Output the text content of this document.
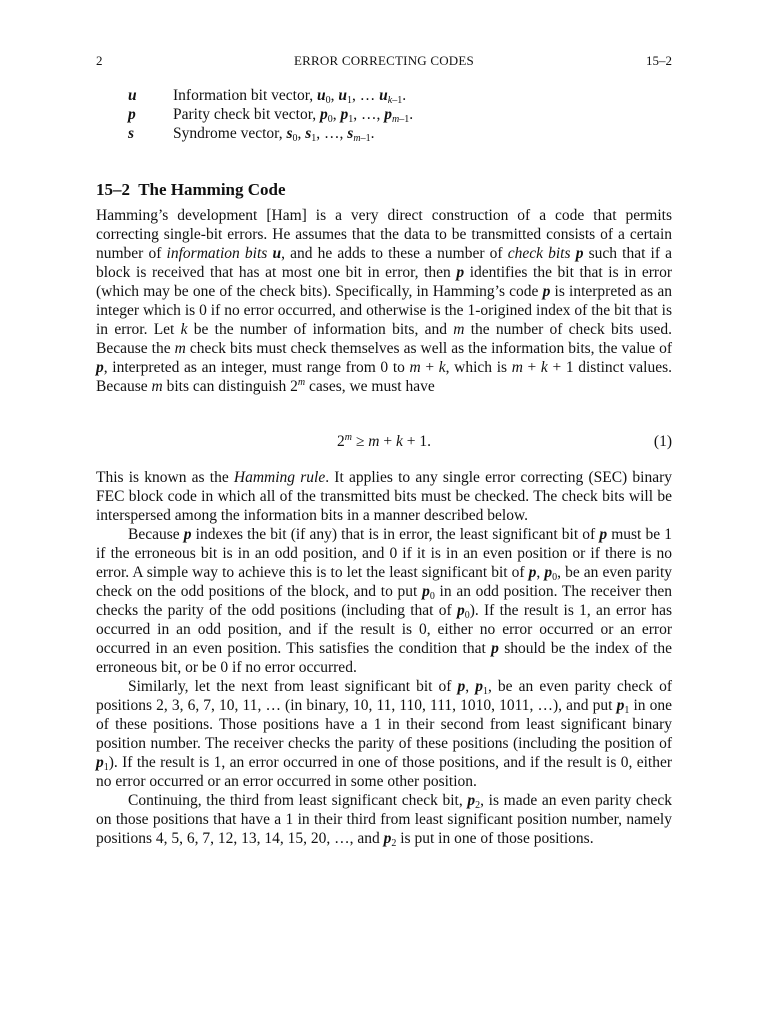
2	ERROR CORRECTING CODES	15–2
u	Information bit vector, $u_0$, $u_1$, … $u_{k-1}$.
p	Parity check bit vector, $p_0$, $p_1$, …, $p_{m-1}$.
s	Syndrome vector, $s_0$, $s_1$, …, $s_{m-1}$.
15–2 The Hamming Code

Hamming’s development [Ham] is a very direct construction of a code that permits correcting single-bit errors. He assumes that the data to be transmitted consists of a certain number of information bits u, and he adds to these a number of check bits p such that if a block is received that has at most one bit in error, then p identifies the bit that is in error (which may be one of the check bits). Specifically, in Hamming’s code p is interpreted as an integer which is 0 if no error occurred, and otherwise is the 1-origined index of the bit that is in error. Let k be the number of information bits, and m the number of check bits used. Because the m check bits must check themselves as well as the information bits, the value of p, interpreted as an integer, must range from 0 to m + k, which is m + k + 1 distinct values. Because m bits can distinguish 2$^m$ cases, we must have

$2^m \ge m + k + 1$.	(1)

This is known as the Hamming rule. It applies to any single error correcting (SEC) binary FEC block code in which all of the transmitted bits must be checked. The check bits will be interspersed among the information bits in a manner described below.

Because p indexes the bit (if any) that is in error, the least significant bit of p must be 1 if the erroneous bit is in an odd position, and 0 if it is in an even position or if there is no error. A simple way to achieve this is to let the least significant bit of p, $p_0$, be an even parity check on the odd positions of the block, and to put $p_0$ in an odd position. The receiver then checks the parity of the odd positions (including that of $p_0$). If the result is 1, an error has occurred in an odd position, and if the result is 0, either no error occurred or an error occurred in an even position. This satisfies the condition that p should be the index of the erroneous bit, or be 0 if no error occurred.

Similarly, let the next from least significant bit of p, $p_1$, be an even parity check of positions 2, 3, 6, 7, 10, 11, … (in binary, 10, 11, 110, 111, 1010, 1011, …), and put $p_1$ in one of these positions. Those positions have a 1 in their second from least significant binary position number. The receiver checks the parity of these positions (including the position of $p_1$). If the result is 1, an error occurred in one of those positions, and if the result is 0, either no error occurred or an error occurred in some other position.

Continuing, the third from least significant check bit, $p_2$, is made an even parity check on those positions that have a 1 in their third from least significant position number, namely positions 4, 5, 6, 7, 12, 13, 14, 15, 20, …, and $p_2$ is put in one of those positions.
